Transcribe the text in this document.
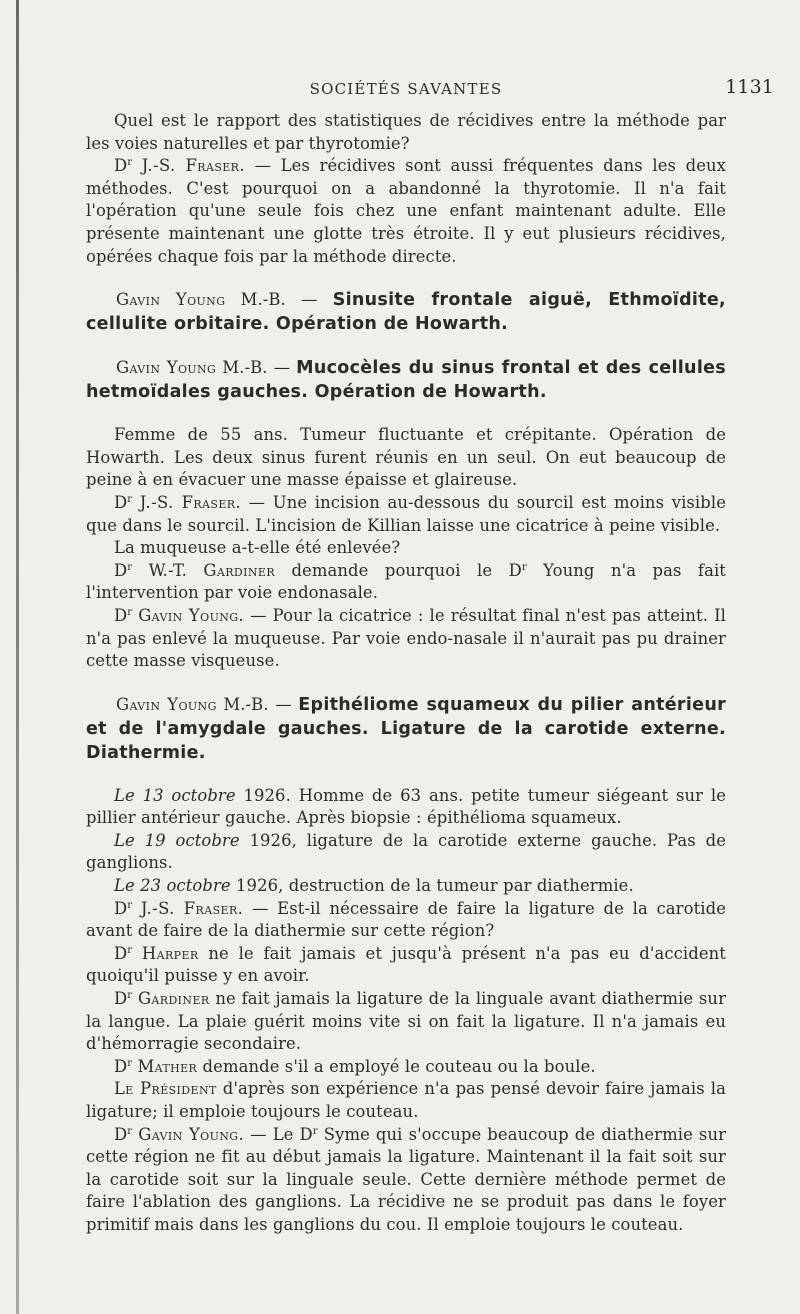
SOCIÉTÉS SAVANTES	1131

Quel est le rapport des statistiques de récidives entre la méthode par les voies naturelles et par thyrotomie?

$D^r$ J.-S. Fraser. — Les récidives sont aussi fréquentes dans les deux méthodes. C'est pourquoi on a abandonné la thyrotomie. Il n'a fait l'opération qu'une seule fois chez une enfant maintenant adulte. Elle présente maintenant une glotte très étroite. Il y eut plusieurs récidives, opérées chaque fois par la méthode directe.

Gavin Young M.-B. — Sinusite frontale aiguë, Ethmoïdite, cellulite orbitaire. Opération de Howarth.

Gavin Young M.-B. — Mucocèles du sinus frontal et des cellules hetmoïdales gauches. Opération de Howarth.

Femme de 55 ans. Tumeur fluctuante et crépitante. Opération de Howarth. Les deux sinus furent réunis en un seul. On eut beaucoup de peine à en évacuer une masse épaisse et glaireuse.

$D^r$ J.-S. Fraser. — Une incision au-dessous du sourcil est moins visible que dans le sourcil. L'incision de Killian laisse une cicatrice à peine visible.

La muqueuse a-t-elle été enlevée?

$D^r$ W.-T. Gardiner demande pourquoi le $D^r$ Young n'a pas fait l'intervention par voie endonasale.

$D^r$ Gavin Young. — Pour la cicatrice : le résultat final n'est pas atteint. Il n'a pas enlevé la muqueuse. Par voie endo-nasale il n'aurait pas pu drainer cette masse visqueuse.

Gavin Young M.-B. — Epithéliome squameux du pilier antérieur et de l'amygdale gauches. Ligature de la carotide externe. Diathermie.

Le 13 octobre 1926. Homme de 63 ans. petite tumeur siégeant sur le pillier antérieur gauche. Après biopsie : épithélioma squameux.

Le 19 octobre 1926, ligature de la carotide externe gauche. Pas de ganglions.

Le 23 octobre 1926, destruction de la tumeur par diathermie.

$D^r$ J.-S. Fraser. — Est-il nécessaire de faire la ligature de la carotide avant de faire de la diathermie sur cette région?

$D^r$ Harper ne le fait jamais et jusqu'à présent n'a pas eu d'accident quoiqu'il puisse y en avoir.

$D^r$ Gardiner ne fait jamais la ligature de la linguale avant diathermie sur la langue. La plaie guérit moins vite si on fait la ligature. Il n'a jamais eu d'hémorragie secondaire.

$D^r$ Mather demande s'il a employé le couteau ou la boule.

Le Président d'après son expérience n'a pas pensé devoir faire jamais la ligature; il emploie toujours le couteau.

$D^r$ Gavin Young. — Le $D^r$ Syme qui s'occupe beaucoup de diathermie sur cette région ne fit au début jamais la ligature. Maintenant il la fait soit sur la carotide soit sur la linguale seule. Cette dernière méthode permet de faire l'ablation des ganglions. La récidive ne se produit pas dans le foyer primitif mais dans les ganglions du cou. Il emploie toujours le couteau.
